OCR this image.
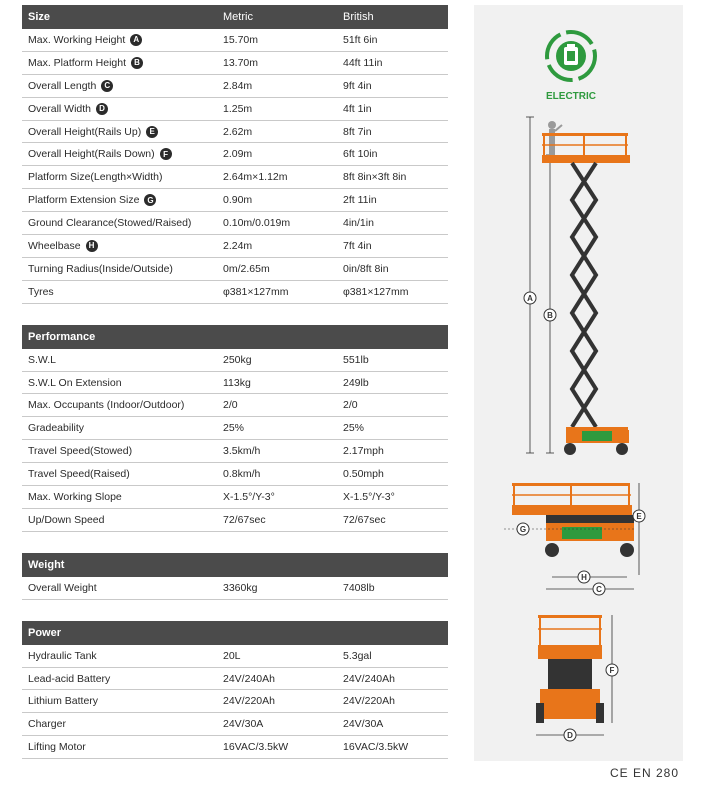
Size	Metric	British
Max. Working Height	A	15.70m	51ft 6in
Max. Platform Height	B	13.70m	44ft 11in
Overall Length	C	2.84m	9ft 4in
Overall Width	D	1.25m	4ft 1in
Overall Height(Rails Up)	E	2.62m	8ft 7in
Overall Height(Rails Down)	F	2.09m	6ft 10in
Platform Size(Length×Width)	2.64m×1.12m	8ft 8in×3ft 8in
Platform Extension Size G	0.90m	2ft 11in
Ground Clearance(Stowed/Raised)	0.10m/0.019m	4in/1in
Wheelbase	H	2.24m	7ft 4in
Turning Radius(Inside/Outside)	0m/2.65m	0in/8ft 8in
Tyres	φ381×127mm	φ381×127mm
Performance
S.W.L	250kg	551lb
S.W.L On Extension	113kg	249lb
Max. Occupants (Indoor/Outdoor)	2/0	2/0
Gradeability	25%	25%
Travel Speed(Stowed)	3.5km/h	2.17mph
Travel Speed(Raised)	0.8km/h	0.50mph
Max. Working Slope	X-1.5°/Y-3°	X-1.5°/Y-3°
Up/Down Speed	72/67sec	72/67sec
Weight
Overall Weight	3360kg	7408lb
Power
Hydraulic Tank	20L	5.3gal
Lead-acid Battery	24V/240Ah	24V/240Ah
Lithium Battery	24V/220Ah	24V/220Ah
Charger	24V/30A	24V/30A
Lifting Motor	16VAC/3.5kW	16VAC/3.5kW
ELECTRIC
A
B
G
E
H
C
F
D
CE EN 280
